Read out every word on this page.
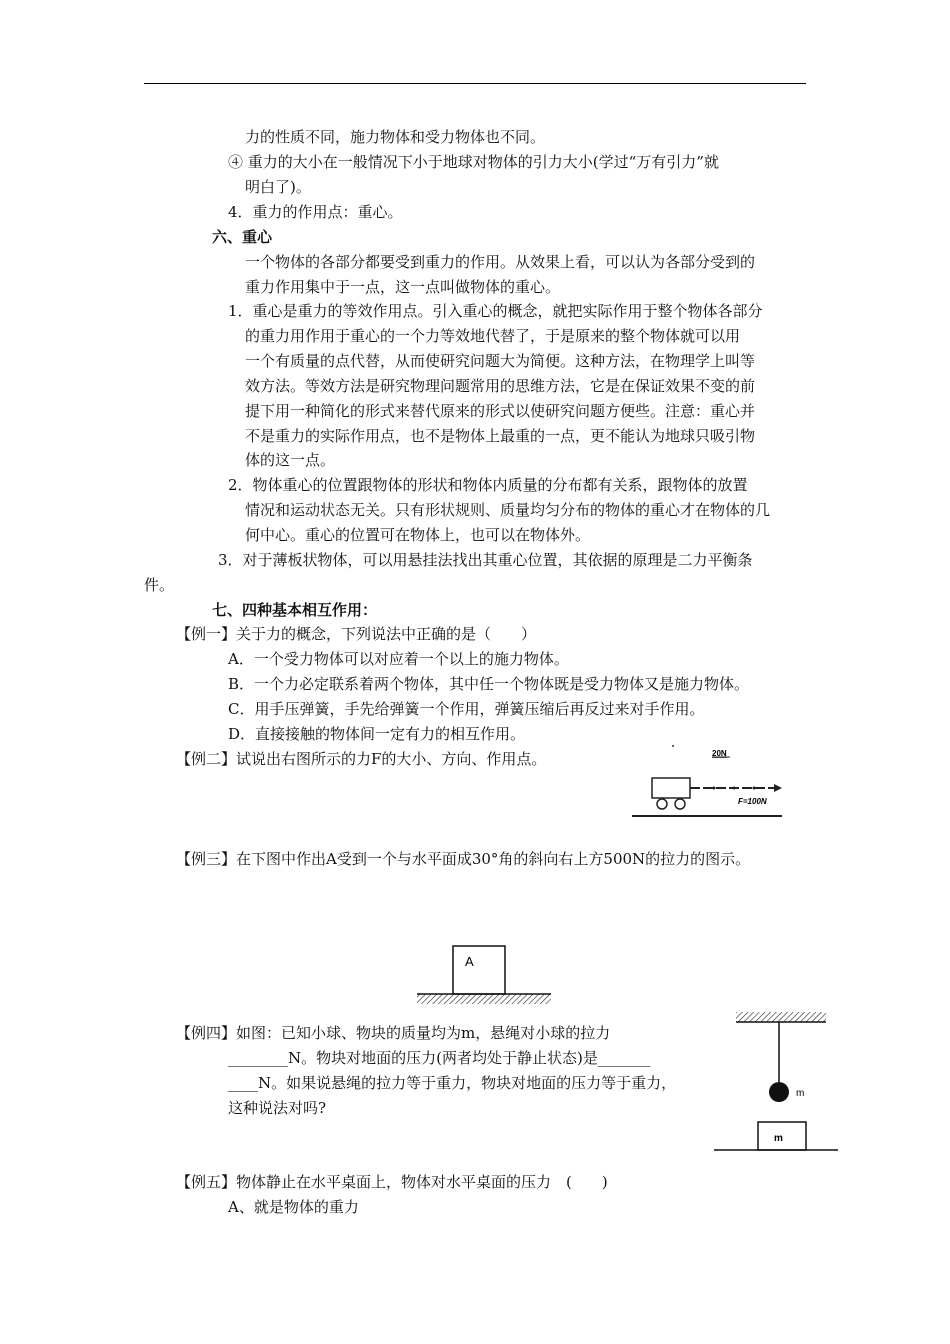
力的性质不同，施力物体和受力物体也不同。
④ 重力的大小在一般情况下小于地球对物体的引力大小(学过“万有引力”就
明白了)。
4．重力的作用点：重心。
六、重心
一个物体的各部分都要受到重力的作用。从效果上看，可以认为各部分受到的
重力作用集中于一点，这一点叫做物体的重心。
1．重心是重力的等效作用点。引入重心的概念，就把实际作用于整个物体各部分
的重力用作用于重心的一个力等效地代替了，于是原来的整个物体就可以用
一个有质量的点代替，从而使研究问题大为简便。这种方法，在物理学上叫等
效方法。等效方法是研究物理问题常用的思维方法，它是在保证效果不变的前
提下用一种简化的形式来替代原来的形式以使研究问题方便些。注意：重心并
不是重力的实际作用点，也不是物体上最重的一点，更不能认为地球只吸引物
体的这一点。
2．物体重心的位置跟物体的形状和物体内质量的分布都有关系，跟物体的放置
情况和运动状态无关。只有形状规则、质量均匀分布的物体的重心才在物体的几
何中心。重心的位置可在物体上，也可以在物体外。
3．对于薄板状物体，可以用悬挂法找出其重心位置，其依据的原理是二力平衡条
件。
七、四种基本相互作用：
【例一】关于力的概念，下列说法中正确的是（　　）
A．一个受力物体可以对应着一个以上的施力物体。
B．一个力必定联系着两个物体，其中任一个物体既是受力物体又是施力物体。
C．用手压弹簧，手先给弹簧一个作用，弹簧压缩后再反过来对手作用。
D．直接接触的物体间一定有力的相互作用。
【例二】试说出右图所示的力F的大小、方向、作用点。
【例三】在下图中作出A受到一个与水平面成30°角的斜向右上方500N的拉力的图示。
【例四】如图：已知小球、物块的质量均为m，悬绳对小球的拉力
________N。物块对地面的压力(两者均处于静止状态)是_______
____N。如果说悬绳的拉力等于重力，物块对地面的压力等于重力，
这种说法对吗?
【例五】物体静止在水平桌面上，物体对水平桌面的压力　(　　)
A、就是物体的重力
20N
F=100N
A
m
m
